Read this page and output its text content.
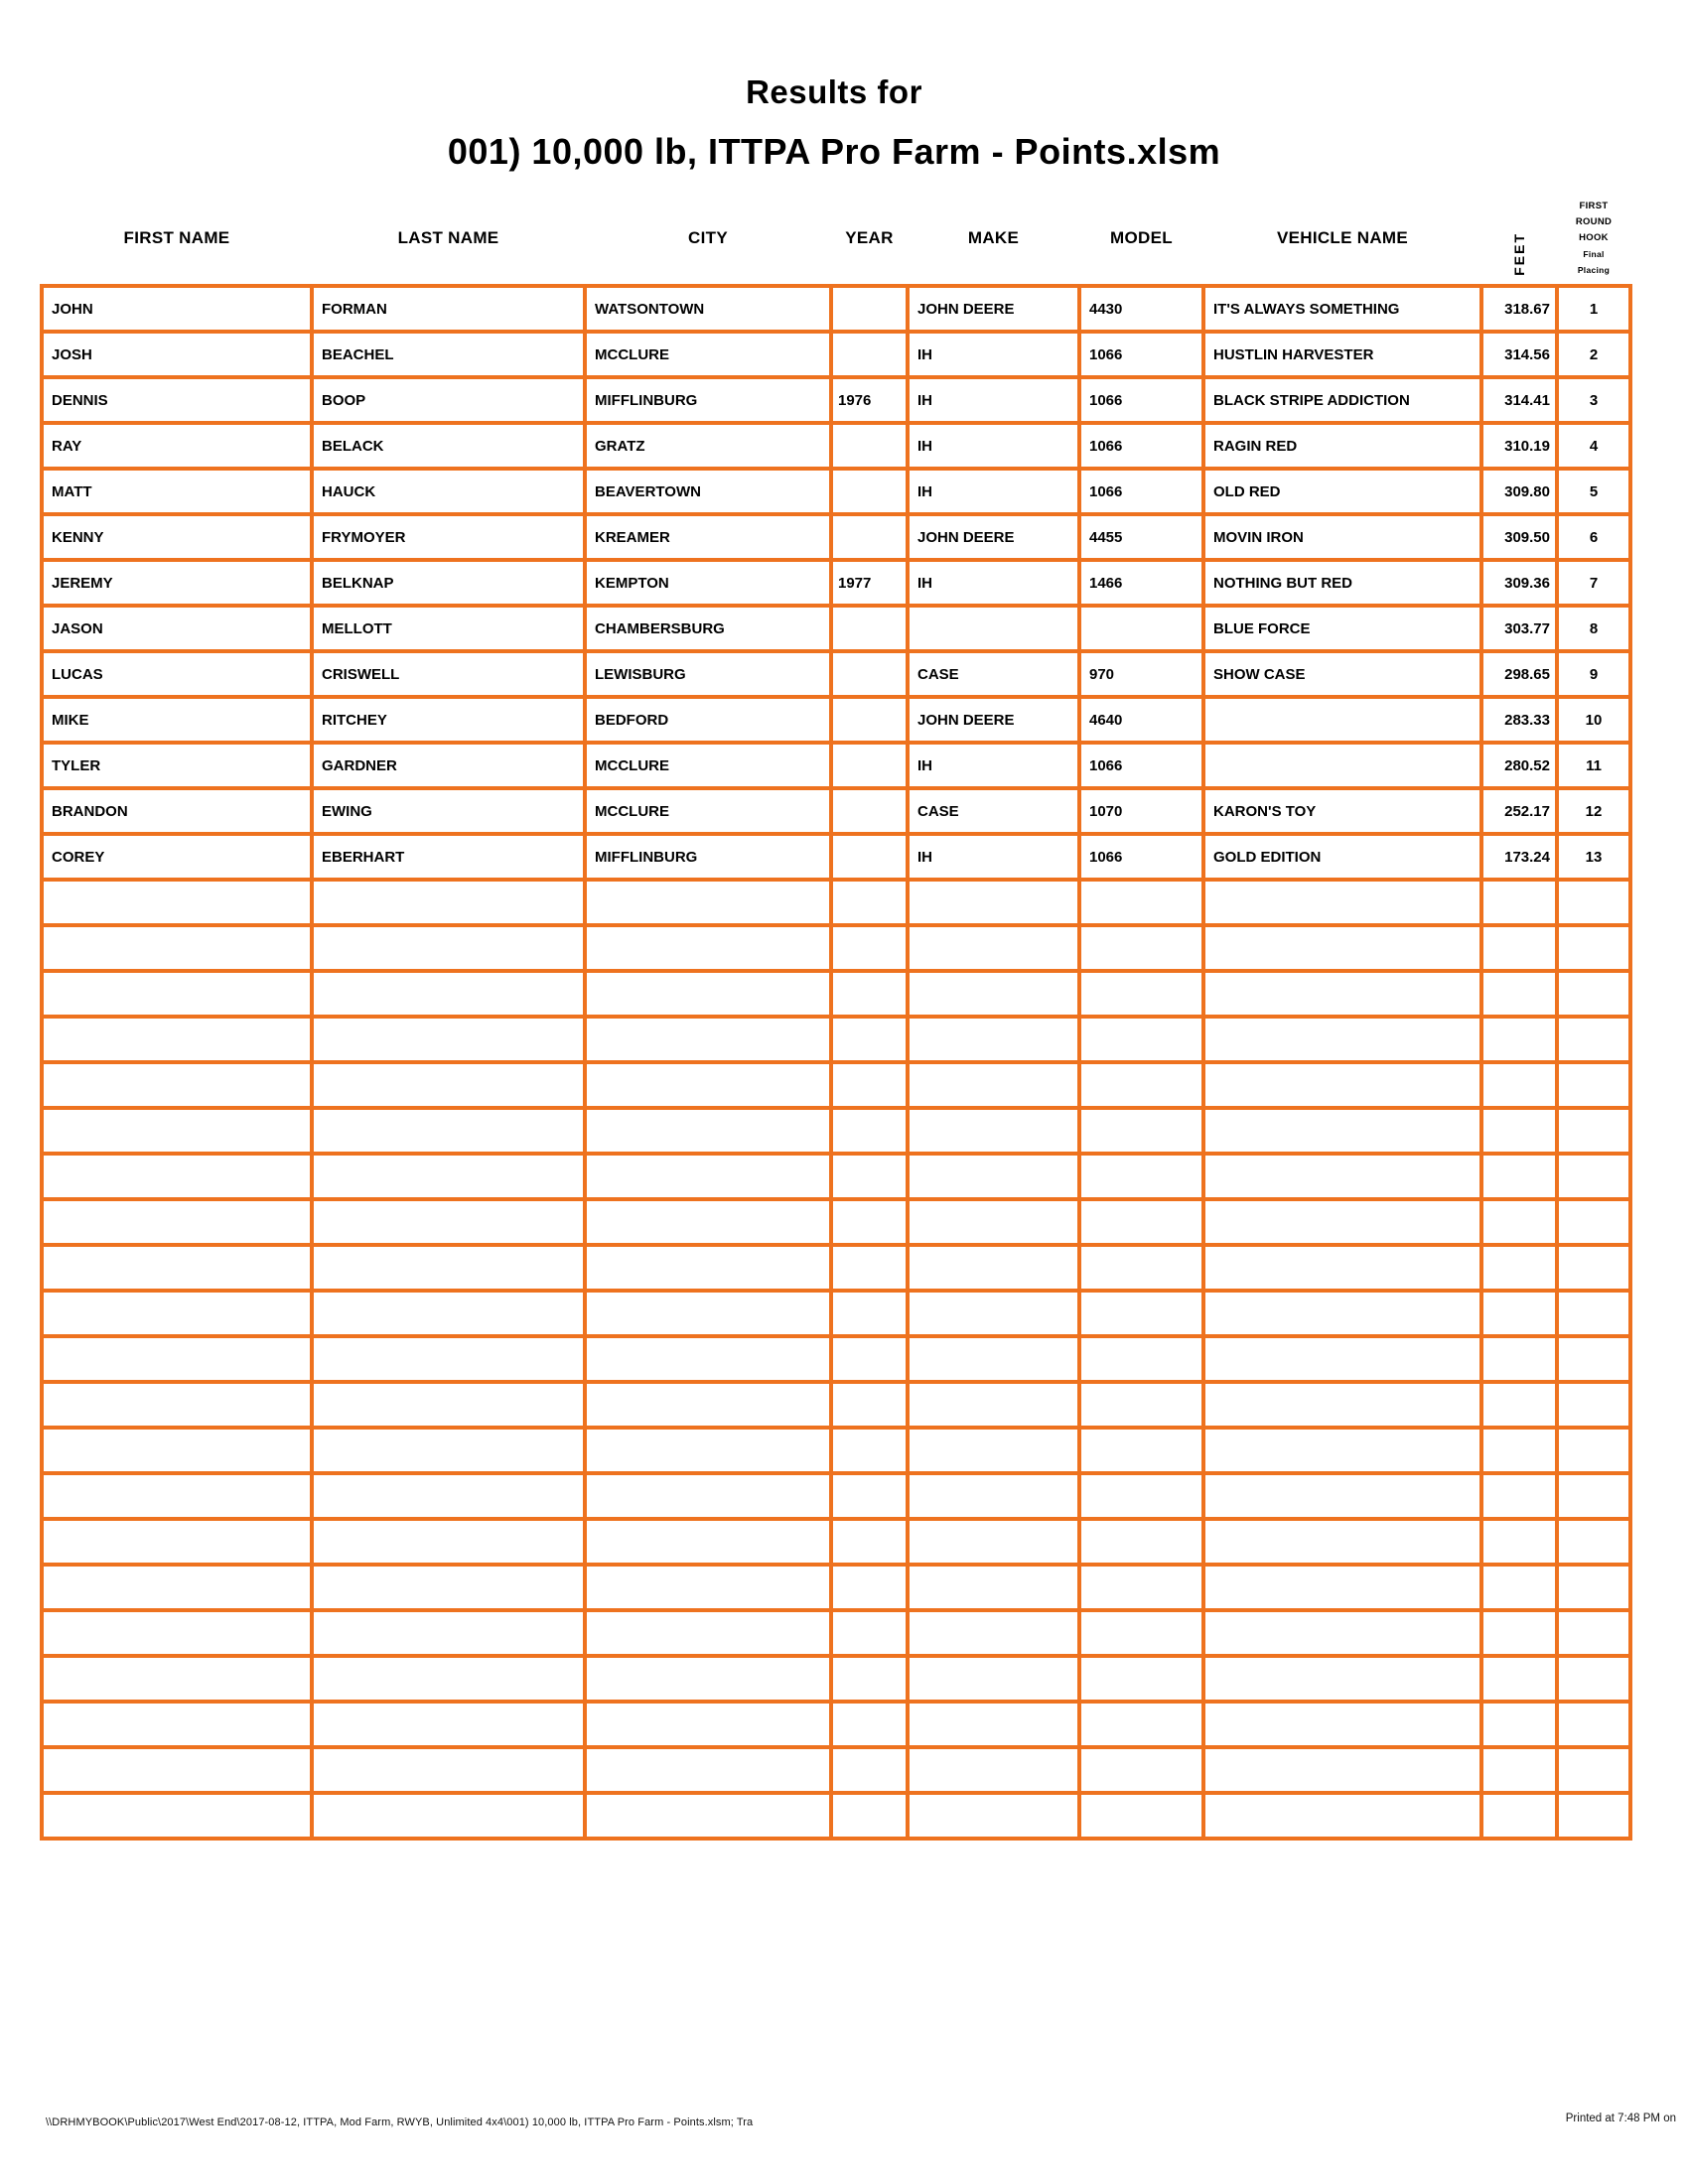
Results for
001) 10,000 lb, ITTPA Pro Farm - Points.xlsm
FIRST NAME	LAST NAME	CITY	YEAR	MAKE	MODEL	VEHICLE NAME	FEET	FIRST
ROUND
HOOK
Final
Placing

JOHN	FORMAN	WATSONTOWN		JOHN DEERE	4430	IT'S ALWAYS SOMETHING	318.67	1
JOSH	BEACHEL	MCCLURE		IH	1066	HUSTLIN HARVESTER	314.56	2
DENNIS	BOOP	MIFFLINBURG	1976	IH	1066	BLACK STRIPE ADDICTION	314.41	3
RAY	BELACK	GRATZ		IH	1066	RAGIN RED	310.19	4
MATT	HAUCK	BEAVERTOWN		IH	1066	OLD RED	309.80	5
KENNY	FRYMOYER	KREAMER		JOHN DEERE	4455	MOVIN IRON	309.50	6
JEREMY	BELKNAP	KEMPTON	1977	IH	1466	NOTHING BUT RED	309.36	7
JASON	MELLOTT	CHAMBERSBURG				BLUE FORCE	303.77	8
LUCAS	CRISWELL	LEWISBURG		CASE	970	SHOW CASE	298.65	9
MIKE	RITCHEY	BEDFORD		JOHN DEERE	4640		283.33	10
TYLER	GARDNER	MCCLURE		IH	1066		280.52	11
BRANDON	EWING	MCCLURE		CASE	1070	KARON'S TOY	252.17	12
COREY	EBERHART	MIFFLINBURG		IH	1066	GOLD EDITION	173.24	13

\\DRHMYBOOK\Public\2017\West End\2017-08-12, ITTPA, Mod Farm, RWYB, Unlimited 4x4\001) 10,000 lb, ITTPA Pro Farm - Points.xlsm; Tra	Printed at 7:48 PM on
